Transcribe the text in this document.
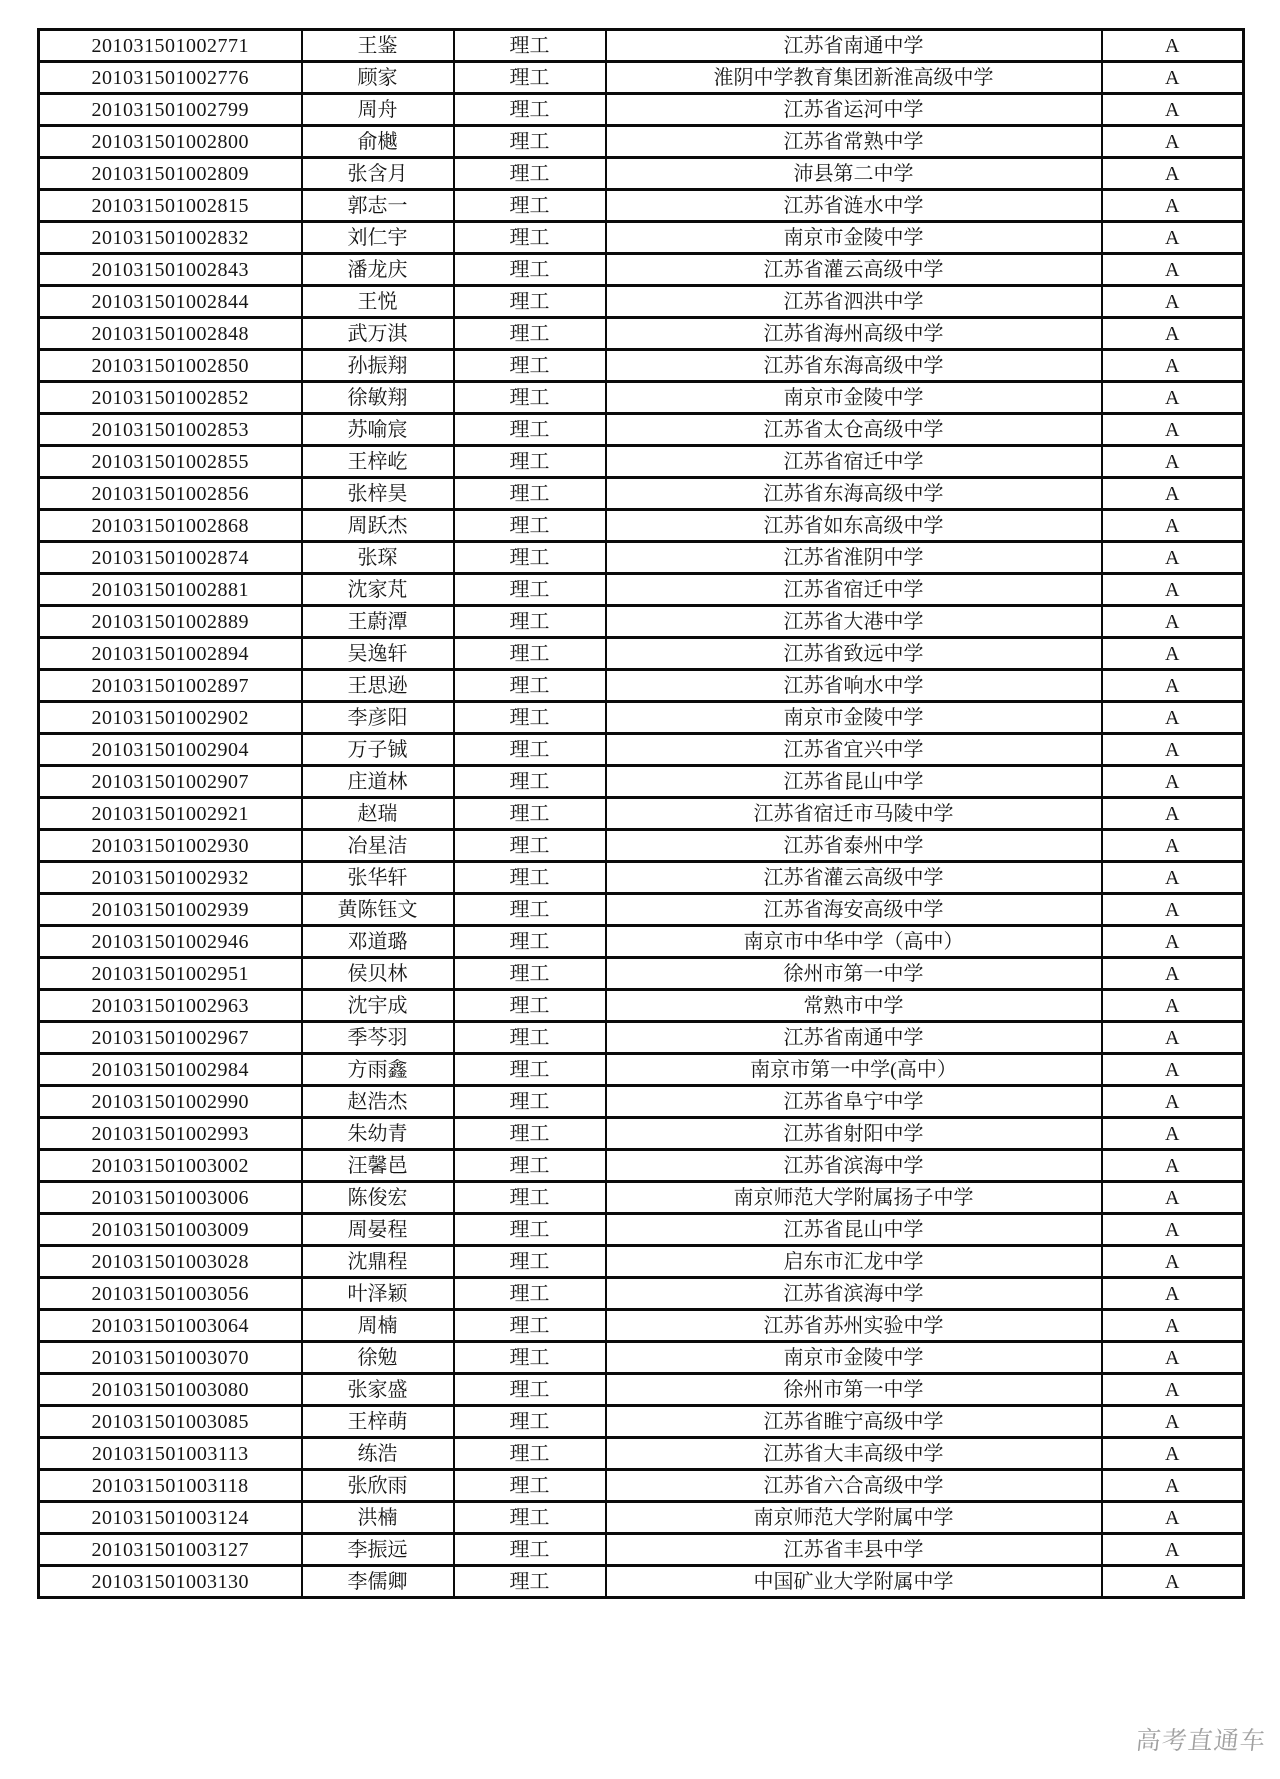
201031501002771	王鉴	理工	江苏省南通中学	A
201031501002776	顾家	理工	淮阴中学教育集团新淮高级中学	A
201031501002799	周舟	理工	江苏省运河中学	A
201031501002800	俞樾	理工	江苏省常熟中学	A
201031501002809	张含月	理工	沛县第二中学	A
201031501002815	郭志一	理工	江苏省涟水中学	A
201031501002832	刘仁宇	理工	南京市金陵中学	A
201031501002843	潘龙庆	理工	江苏省灌云高级中学	A
201031501002844	王悦	理工	江苏省泗洪中学	A
201031501002848	武万淇	理工	江苏省海州高级中学	A
201031501002850	孙振翔	理工	江苏省东海高级中学	A
201031501002852	徐敏翔	理工	南京市金陵中学	A
201031501002853	苏喻宸	理工	江苏省太仓高级中学	A
201031501002855	王梓屹	理工	江苏省宿迁中学	A
201031501002856	张梓昊	理工	江苏省东海高级中学	A
201031501002868	周跃杰	理工	江苏省如东高级中学	A
201031501002874	张琛	理工	江苏省淮阴中学	A
201031501002881	沈家芃	理工	江苏省宿迁中学	A
201031501002889	王蔚潭	理工	江苏省大港中学	A
201031501002894	吴逸轩	理工	江苏省致远中学	A
201031501002897	王思逊	理工	江苏省响水中学	A
201031501002902	李彦阳	理工	南京市金陵中学	A
201031501002904	万子铖	理工	江苏省宜兴中学	A
201031501002907	庄道林	理工	江苏省昆山中学	A
201031501002921	赵瑞	理工	江苏省宿迁市马陵中学	A
201031501002930	冶星洁	理工	江苏省泰州中学	A
201031501002932	张华轩	理工	江苏省灌云高级中学	A
201031501002939	黄陈钰文	理工	江苏省海安高级中学	A
201031501002946	邓道璐	理工	南京市中华中学（高中）	A
201031501002951	侯贝林	理工	徐州市第一中学	A
201031501002963	沈宇成	理工	常熟市中学	A
201031501002967	季芩羽	理工	江苏省南通中学	A
201031501002984	方雨鑫	理工	南京市第一中学(高中）	A
201031501002990	赵浩杰	理工	江苏省阜宁中学	A
201031501002993	朱幼青	理工	江苏省射阳中学	A
201031501003002	汪馨邑	理工	江苏省滨海中学	A
201031501003006	陈俊宏	理工	南京师范大学附属扬子中学	A
201031501003009	周晏程	理工	江苏省昆山中学	A
201031501003028	沈鼎程	理工	启东市汇龙中学	A
201031501003056	叶泽颖	理工	江苏省滨海中学	A
201031501003064	周楠	理工	江苏省苏州实验中学	A
201031501003070	徐勉	理工	南京市金陵中学	A
201031501003080	张家盛	理工	徐州市第一中学	A
201031501003085	王梓萌	理工	江苏省睢宁高级中学	A
201031501003113	练浩	理工	江苏省大丰高级中学	A
201031501003118	张欣雨	理工	江苏省六合高级中学	A
201031501003124	洪楠	理工	南京师范大学附属中学	A
201031501003127	李振远	理工	江苏省丰县中学	A
201031501003130	李儒卿	理工	中国矿业大学附属中学	A
高考直通车
